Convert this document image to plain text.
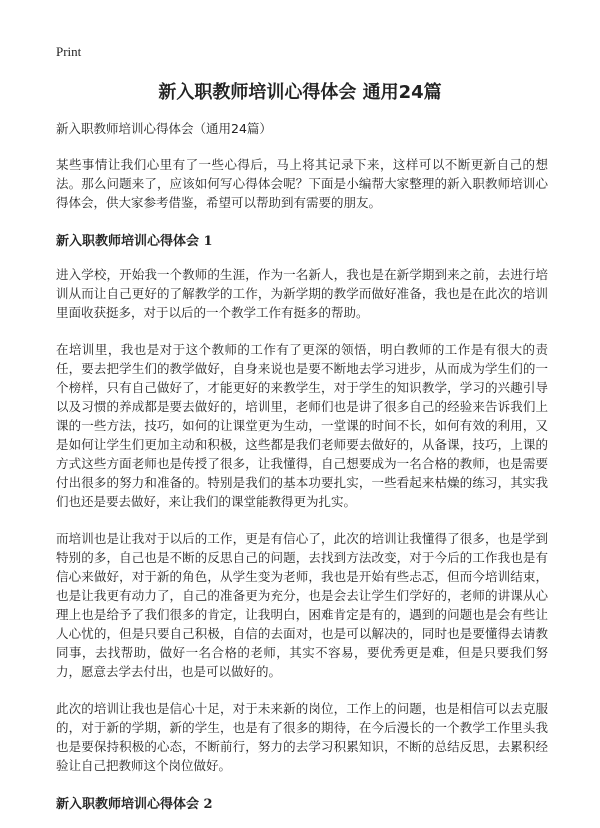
Print
新入职教师培训心得体会 通用24篇
新入职教师培训心得体会（通用24篇）

某些事情让我们心里有了一些心得后，马上将其记录下来，这样可以不断更新自己的想法。那么问题来了，应该如何写心得体会呢？下面是小编帮大家整理的新入职教师培训心得体会，供大家参考借鉴，希望可以帮助到有需要的朋友。

新入职教师培训心得体会 1

进入学校，开始我一个教师的生涯，作为一名新人，我也是在新学期到来之前，去进行培训从而让自己更好的了解教学的工作，为新学期的教学而做好准备，我也是在此次的培训里面收获挺多，对于以后的一个教学工作有挺多的帮助。

在培训里，我也是对于这个教师的工作有了更深的领悟，明白教师的工作是有很大的责任，要去把学生们的教学做好，自身来说也是要不断地去学习进步，从而成为学生们的一个榜样，只有自己做好了，才能更好的来教学生，对于学生的知识教学，学习的兴趣引导以及习惯的养成都是要去做好的，培训里，老师们也是讲了很多自己的经验来告诉我们上课的一些方法，技巧，如何的让课堂更为生动，一堂课的时间不长，如何有效的利用，又是如何让学生们更加主动和积极，这些都是我们老师要去做好的，从备课，技巧，上课的方式这些方面老师也是传授了很多，让我懂得，自己想要成为一名合格的教师，也是需要付出很多的努力和准备的。特别是我们的基本功要扎实，一些看起来枯燥的练习，其实我们也还是要去做好，来让我们的课堂能教得更为扎实。

而培训也是让我对于以后的工作，更是有信心了，此次的培训让我懂得了很多，也是学到特别的多，自己也是不断的反思自己的问题，去找到方法改变，对于今后的工作我也是有信心来做好，对于新的角色，从学生变为老师，我也是开始有些忐忑，但而今培训结束，也是让我更有动力了，自己的准备更为充分，也是会去让学生们学好的，老师的讲课从心理上也是给予了我们很多的肯定，让我明白，困难肯定是有的，遇到的问题也是会有些让人心忧的，但是只要自己积极，自信的去面对，也是可以解决的，同时也是要懂得去请教同事，去找帮助，做好一名合格的老师，其实不容易，要优秀更是难，但是只要我们努力，愿意去学去付出，也是可以做好的。

此次的培训让我也是信心十足，对于未来新的岗位，工作上的问题，也是相信可以去克服的，对于新的学期，新的学生，也是有了很多的期待，在今后漫长的一个教学工作里头我也是要保持积极的心态，不断前行，努力的去学习积累知识，不断的总结反思，去累积经验让自己把教师这个岗位做好。

新入职教师培训心得体会 2
